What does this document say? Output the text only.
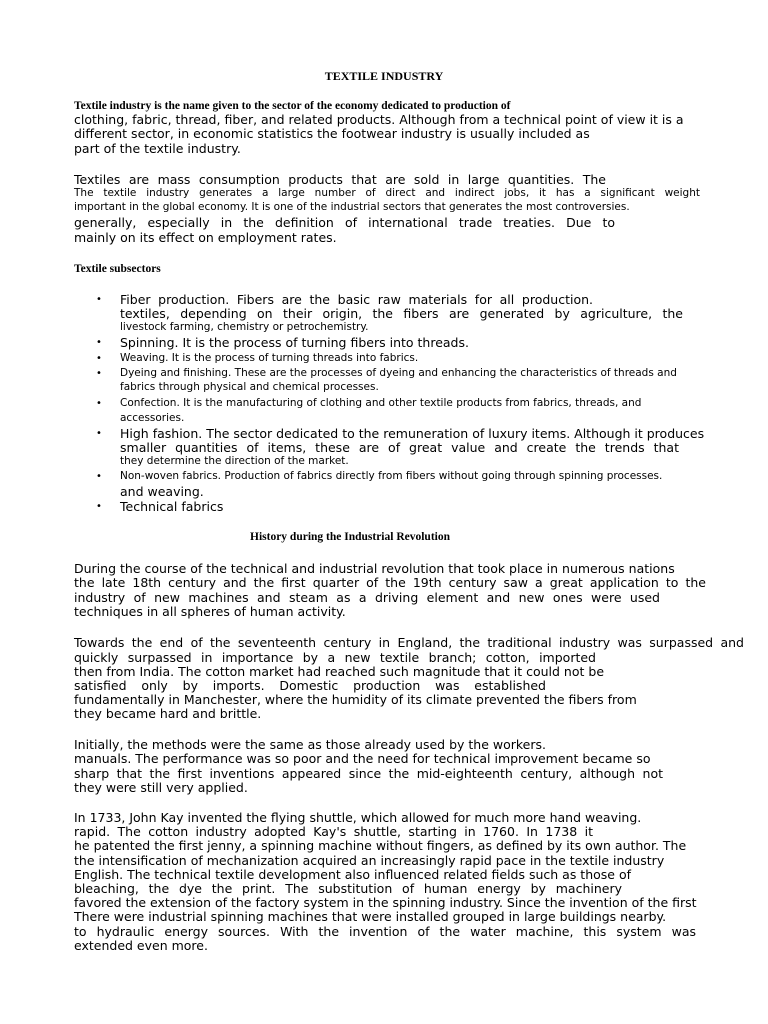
TEXTILE INDUSTRY
Textile industry is the name given to the sector of the economy dedicated to production of
clothing, fabric, thread, fiber, and related products. Although from a technical point of view it is a
different sector, in economic statistics the footwear industry is usually included as
part of the textile industry.
Textiles are mass consumption products that are sold in large quantities. The
The textile industry generates a large number of direct and indirect jobs, it has a significant weight
important in the global economy. It is one of the industrial sectors that generates the most controversies.
generally, especially in the definition of international trade treaties. Due to
mainly on its effect on employment rates.
Textile subsectors
• Fiber production. Fibers are the basic raw materials for all production.
textiles, depending on their origin, the fibers are generated by agriculture, the
livestock farming, chemistry or petrochemistry.
• Spinning. It is the process of turning fibers into threads.
• Weaving. It is the process of turning threads into fabrics.
• Dyeing and finishing. These are the processes of dyeing and enhancing the characteristics of threads and
fabrics through physical and chemical processes.
• Confection. It is the manufacturing of clothing and other textile products from fabrics, threads, and
accessories.
• High fashion. The sector dedicated to the remuneration of luxury items. Although it produces
smaller quantities of items, these are of great value and create the trends that
they determine the direction of the market.
• Non-woven fabrics. Production of fabrics directly from fibers without going through spinning processes.
and weaving.
• Technical fabrics
History during the Industrial Revolution
During the course of the technical and industrial revolution that took place in numerous nations
the late 18th century and the first quarter of the 19th century saw a great application to the
industry of new machines and steam as a driving element and new ones were used
techniques in all spheres of human activity.
Towards the end of the seventeenth century in England, the traditional industry was surpassed and
quickly surpassed in importance by a new textile branch; cotton, imported
then from India. The cotton market had reached such magnitude that it could not be
satisfied only by imports. Domestic production was established
fundamentally in Manchester, where the humidity of its climate prevented the fibers from
they became hard and brittle.
Initially, the methods were the same as those already used by the workers.
manuals. The performance was so poor and the need for technical improvement became so
sharp that the first inventions appeared since the mid-eighteenth century, although not
they were still very applied.
In 1733, John Kay invented the flying shuttle, which allowed for much more hand weaving.
rapid. The cotton industry adopted Kay's shuttle, starting in 1760. In 1738 it
he patented the first jenny, a spinning machine without fingers, as defined by its own author. The
the intensification of mechanization acquired an increasingly rapid pace in the textile industry
English. The technical textile development also influenced related fields such as those of
bleaching, the dye the print. The substitution of human energy by machinery
favored the extension of the factory system in the spinning industry. Since the invention of the first
There were industrial spinning machines that were installed grouped in large buildings nearby.
to hydraulic energy sources. With the invention of the water machine, this system was
extended even more.
